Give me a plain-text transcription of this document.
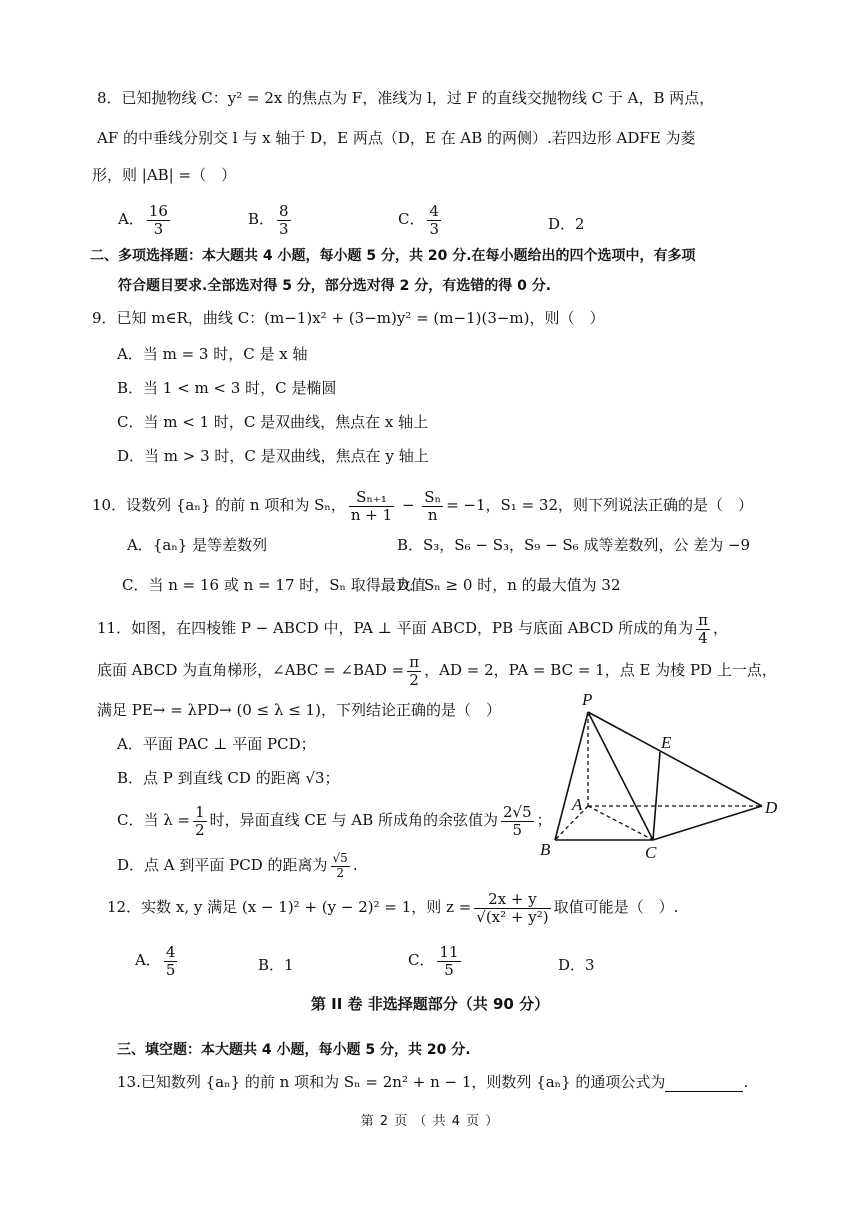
8．已知抛物线 C：y² = 2x 的焦点为 F，准线为 l，过 F 的直线交抛物线 C 于 A，B 两点，
AF 的中垂线分别交 l 与 x 轴于 D，E 两点（D，E 在 AB 的两侧）.若四边形 ADFE 为菱
形，则 |AB| =（　）
A． $\frac{16}{3}$	B． $\frac{8}{3}$	C． $\frac{4}{3}$	D．2
二、多项选择题：本大题共 4 小题，每小题 5 分，共 20 分.在每小题给出的四个选项中，有多项
符合题目要求.全部选对得 5 分，部分选对得 2 分，有选错的得 0 分.
9．已知 m∈R，曲线 C：(m−1)x² + (3−m)y² = (m−1)(3−m)，则（　）
A．当 m = 3 时，C 是 x 轴
B．当 1 < m < 3 时，C 是椭圆
C．当 m < 1 时，C 是双曲线，焦点在 x 轴上
D．当 m > 3 时，C 是双曲线，焦点在 y 轴上
10．设数列 {aₙ} 的前 n 项和为 Sₙ， $\frac{\text{Sₙ₊₁}}{n + 1} - \frac{\text{Sₙ}}{n} = -1$，S₁ = 32，则下列说法正确的是（　）
A．{aₙ} 是等差数列	B．S₃，S₆ − S₃，S₉ − S₆ 成等差数列，公 差为 −9
C．当 n = 16 或 n = 17 时，Sₙ 取得最大值
D．Sₙ ≥ 0 时，n 的最大值为 32
11．如图，在四棱锥 P − ABCD 中，PA ⊥ 平面 ABCD，PB 与底面 ABCD 所成的角为 $\frac{\pi}{4}$ ，
底面 ABCD 为直角梯形，∠ABC = ∠BAD = $\frac{\pi}{2}$ ，AD = 2，PA = BC = 1，点 E 为棱 PD 上一点，
满足 PE→ = λPD→ (0 ≤ λ ≤ 1)，下列结论正确的是（　）
A．平面 PAC ⊥ 平面 PCD；
B．点 P 到直线 CD 的距离 √3；
C．当 $\lambda = \frac{1}{2}$ 时，异面直线 CE 与 AB 所成角的余弦值为 $\frac{2√5}{5}$ ；
D．点 A 到平面 PCD 的距离为 $\frac{√5}{2}$ .
P
E
A	D
B	C
12．实数 x, y 满足 (x − 1)² + (y − 2)² = 1，则 $z = \frac{2x + y}{\text{√(x² + y²)}}$ 取值可能是（　）.
A． $\frac{4}{5}$	B．1	C． $\frac{11}{5}$	D．3
第 II 卷 非选择题部分（共 90 分）
三、填空题：本大题共 4 小题，每小题 5 分，共 20 分.
13.已知数列 {aₙ} 的前 n 项和为 Sₙ = 2n² + n − 1，则数列 {aₙ} 的通项公式为	.
第 2 页 （ 共 4 页 ）
